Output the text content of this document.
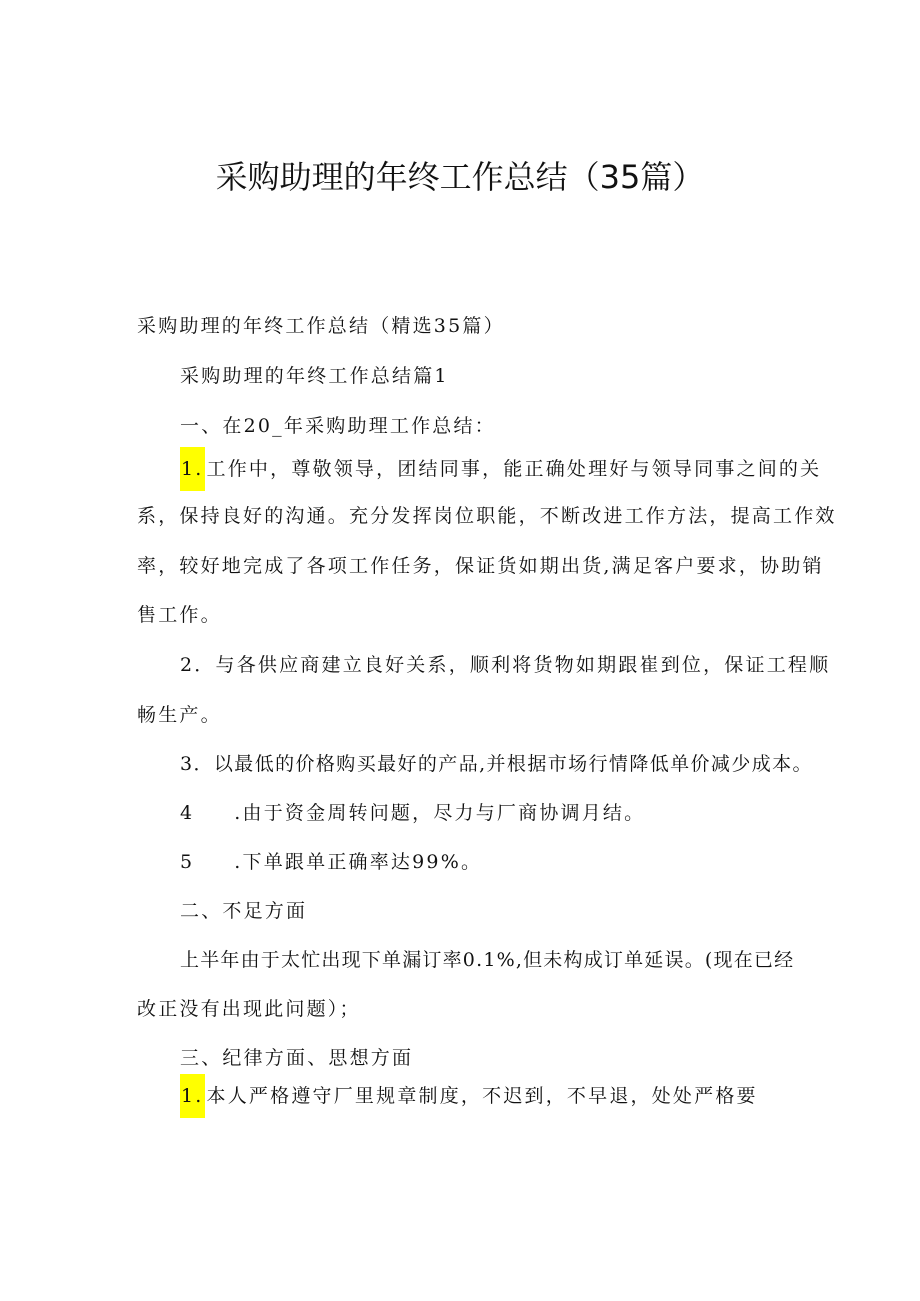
采购助理的年终工作总结（35篇）
采购助理的年终工作总结（精选35篇）
采购助理的年终工作总结篇1
一、在20_年采购助理工作总结：
1. 工作中，尊敬领导，团结同事，能正确处理好与领导同事之间的关
系，保持良好的沟通。充分发挥岗位职能，不断改进工作方法，提高工作效
率，较好地完成了各项工作任务，保证货如期出货,满足客户要求，协助销
售工作。
2．与各供应商建立良好关系，顺利将货物如期跟崔到位，保证工程顺
畅生产。
3．以最低的价格购买最好的产品,并根据市场行情降低单价减少成本。
4 .由于资金周转问题，尽力与厂商协调月结。
5 .下单跟单正确率达99%。
二、不足方面
上半年由于太忙出现下单漏订率0.1%,但未构成订单延误。(现在已经
改正没有出现此问题）；
三、纪律方面、思想方面
1. 本人严格遵守厂里规章制度，不迟到，不早退，处处严格要
